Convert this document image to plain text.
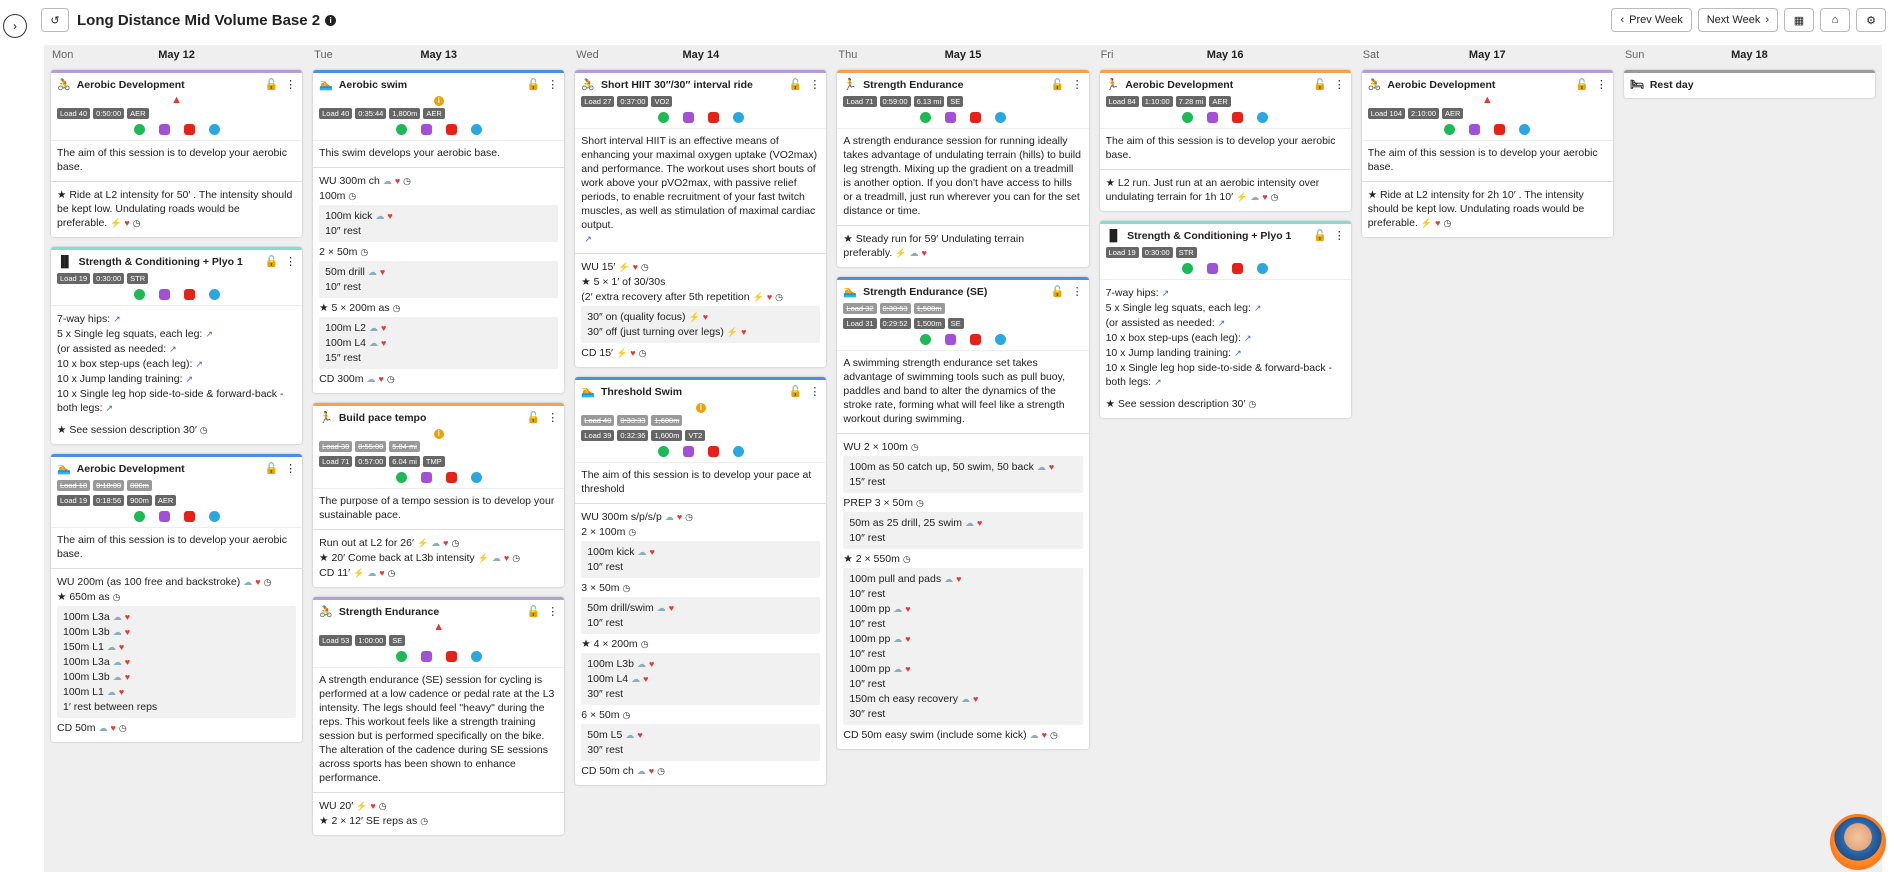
›	↺ Long Distance Mid Volume Base 2	i	‹ Prev Week Next Week › ▦ ⌂	⚙
Mon	May 12
🚴 Aerobic Development	🔓 ⋮
▲
Load 40	0:50:00	AER
The aim of this session is to develop your aerobic base.
★ Ride at L2 intensity for 50′ . The intensity should be kept low. Undulating roads would be preferable. ⚡ ♥ ◷
▐▌ Strength & Conditioning + Plyo 1 🔓 ⋮
Load 19	0:30:00	STR
7-way hips: ↗
5 x Single leg squats, each leg: ↗
(or assisted as needed: ↗
10 x box step-ups (each leg): ↗
10 x Jump landing training: ↗
10 x Single leg hop side-to-side & forward-back - both legs: ↗
★ See session description 30′ ◷
🏊 Aerobic Development	🔓 ⋮
Load 18	0:18:00	800m
Load 19	0:18:56	900m	AER
The aim of this session is to develop your aerobic base.
WU 200m (as 100 free and backstroke) ☁ ♥ ◷
★ 650m as ◷
100m L3a ☁ ♥
100m L3b ☁ ♥
150m L1 ☁ ♥
100m L3a ☁ ♥
100m L3b ☁ ♥
100m L1 ☁ ♥
1′ rest between reps
CD 50m ☁ ♥ ◷
Tue	May 13
🏊 Aerobic swim	🔓 ⋮
i
Load 40	0:35:44	1,800m	AER
This swim develops your aerobic base.
WU 300m ch ☁ ♥ ◷
100m ◷
100m kick ☁ ♥
10″ rest
2 × 50m ◷
50m drill ☁ ♥
10″ rest
★ 5 × 200m as ◷
100m L2 ☁ ♥
100m L4 ☁ ♥
15″ rest
CD 300m ☁ ♥ ◷
🏃 Build pace tempo	🔓 ⋮
i
Load 30	0:55:00	5.84 mi
Load 71	0:57:00	6.04 mi	TMP
The purpose of a tempo session is to develop your sustainable pace.
Run out at L2 for 26′ ⚡ ☁ ♥ ◷
★ 20′ Come back at L3b intensity ⚡ ☁ ♥ ◷
CD 11′ ⚡ ☁ ♥ ◷
🚴 Strength Endurance	🔓 ⋮
▲
Load 53	1:00:00	SE
A strength endurance (SE) session for cycling is performed at a low cadence or pedal rate at the L3 intensity. The legs should feel "heavy" during the reps. This workout feels like a strength training session but is performed specifically on the bike. The alteration of the cadence during SE sessions across sports has been shown to enhance performance.
WU 20′ ⚡ ♥ ◷
★ 2 × 12′ SE reps as ◷
Wed	May 14
🚴 Short HIIT 30″/30″ interval ride	🔓 ⋮
Load 27	0:37:00	VO2
Short interval HIIT is an effective means of enhancing your maximal oxygen uptake (VO2max) and performance. The workout uses short bouts of work above your pVO2max, with passive relief periods, to enable recruitment of your fast twitch muscles, as well as stimulation of maximal cardiac output.
↗
WU 15′ ⚡ ♥ ◷
★ 5 × 1′ of 30/30s
(2′ extra recovery after 5th repetition ⚡ ♥ ◷
30″ on (quality focus) ⚡ ♥
30″ off (just turning over legs) ⚡ ♥
CD 15′ ⚡ ♥ ◷
🏊 Threshold Swim	🔓 ⋮
i
Load 40	0:33:33	1,600m
Load 39	0:32:36	1,600m	VT2
The aim of this session is to develop your pace at threshold
WU 300m s/p/s/p ☁ ♥ ◷
2 × 100m ◷
100m kick ☁ ♥
10″ rest
3 × 50m ◷
50m drill/swim ☁ ♥
10″ rest
★ 4 × 200m ◷
100m L3b ☁ ♥
100m L4 ☁ ♥
30″ rest
6 × 50m ◷
50m L5 ☁ ♥
30″ rest
CD 50m ch ☁ ♥ ◷
Thu	May 15
🏃 Strength Endurance	🔓 ⋮
Load 71	0:59:00	6.13 mi	SE
A strength endurance session for running ideally takes advantage of undulating terrain (hills) to build leg strength. Mixing up the gradient on a treadmill is another option. If you don't have access to hills or a treadmill, just run wherever you can for the set distance or time.
★ Steady run for 59′ Undulating terrain preferably. ⚡ ☁ ♥
🏊 Strength Endurance (SE)	🔓 ⋮
Load 32	0:30:53	1,500m
Load 31	0:29:52	1,500m	SE
A swimming strength endurance set takes advantage of swimming tools such as pull buoy, paddles and band to alter the dynamics of the stroke rate, forming what will feel like a strength workout during swimming.
WU 2 × 100m ◷
100m as 50 catch up, 50 swim, 50 back ☁ ♥
15″ rest
PREP 3 × 50m ◷
50m as 25 drill, 25 swim ☁ ♥
10″ rest
★ 2 × 550m ◷
100m pull and pads ☁ ♥
10″ rest
100m pp ☁ ♥
10″ rest
100m pp ☁ ♥
10″ rest
100m pp ☁ ♥
10″ rest
150m ch easy recovery ☁ ♥
30″ rest
CD 50m easy swim (include some kick) ☁ ♥ ◷
Fri	May 16
🏃 Aerobic Development	🔓 ⋮
Load 84	1:10:00	7.28 mi	AER
The aim of this session is to develop your aerobic base.
★ L2 run. Just run at an aerobic intensity over undulating terrain for 1h 10′ ⚡ ☁ ♥ ◷
▐▌ Strength & Conditioning + Plyo 1 🔓 ⋮
Load 19	0:30:00	STR
7-way hips: ↗
5 x Single leg squats, each leg: ↗
(or assisted as needed: ↗
10 x box step-ups (each leg): ↗
10 x Jump landing training: ↗
10 x Single leg hop side-to-side & forward-back - both legs: ↗
★ See session description 30′ ◷
Sat	May 17
🚴 Aerobic Development	🔓 ⋮
▲
Load 104	2:10:00	AER
The aim of this session is to develop your aerobic base.
★ Ride at L2 intensity for 2h 10′ . The intensity should be kept low. Undulating roads would be preferable. ⚡ ♥ ◷
Sun	May 18
🛏 Rest day
